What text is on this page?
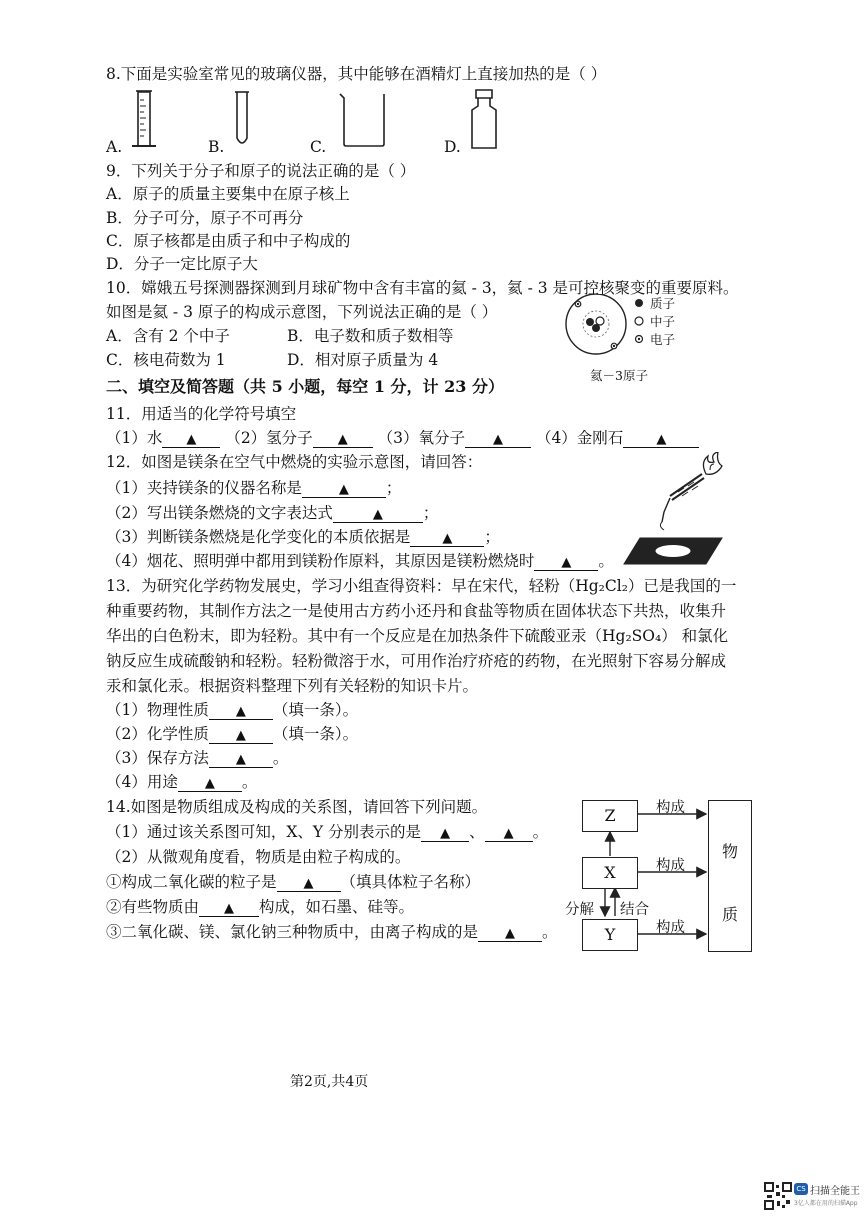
8.下面是实验室常见的玻璃仪器，其中能够在酒精灯上直接加热的是（ ）
A.	B.	C.	D.
9．下列关于分子和原子的说法正确的是（ ）
A．原子的质量主要集中在原子核上
B．分子可分，原子不可再分
C．原子核都是由质子和中子构成的
D．分子一定比原子大
10．嫦娥五号探测器探测到月球矿物中含有丰富的氦 - 3，氦 - 3 是可控核聚变的重要原料。
如图是氦 - 3 原子的构成示意图，下列说法正确的是（ ）
A．含有 2 个中子	B．电子数和质子数相等
C．核电荷数为 1	D．相对原子质量为 4
质子
中子
电子
氦－3原子
二、填空及简答题（共 5 小题，每空 1 分，计 23 分）
11．用适当的化学符号填空
（1）水 ▲ （2）氢分子 ▲ （3）氧分子 ▲ （4）金刚石	▲
12．如图是镁条在空气中燃烧的实验示意图，请回答：
（1）夹持镁条的仪器名称是	▲ ；
（2）写出镁条燃烧的文字表达式	▲	；
（3）判断镁条燃烧是化学变化的本质依据是 ▲ ；
（4）烟花、照明弹中都用到镁粉作原料，其原因是镁粉燃烧时 ▲ 。
13．为研究化学药物发展史，学习小组查得资料：早在宋代，轻粉（Hg₂Cl₂）已是我国的一
种重要药物，其制作方法之一是使用古方药小还丹和食盐等物质在固体状态下共热，收集升
华出的白色粉末，即为轻粉。其中有一个反应是在加热条件下硫酸亚汞（Hg₂SO₄） 和氯化
钠反应生成硫酸钠和轻粉。轻粉微溶于水，可用作治疗疥疮的药物，在光照射下容易分解成
汞和氯化汞。根据资料整理下列有关轻粉的知识卡片。
（1）物理性质 ▲ （填一条）。
（2）化学性质 ▲ （填一条）。
（3）保存方法 ▲ 。
（4）用途 ▲ 。
14.如图是物质组成及构成的关系图，请回答下列问题。
（1）通过该关系图可知，X、Y 分别表示的是 ▲ 、 ▲ 。
（2）从微观角度看，物质是由粒子构成的。
①构成二氧化碳的粒子是 ▲ （填具体粒子名称）
②有些物质由 ▲ 构成，如石墨、硅等。
③二氧化碳、镁、氯化钠三种物质中，由离子构成的是 ▲ 。
Z
X
Y
物
质
构成
构成
构成
分解 结合
第2页,共4页
CS 扫描全能王
3亿人都在用的扫描App
